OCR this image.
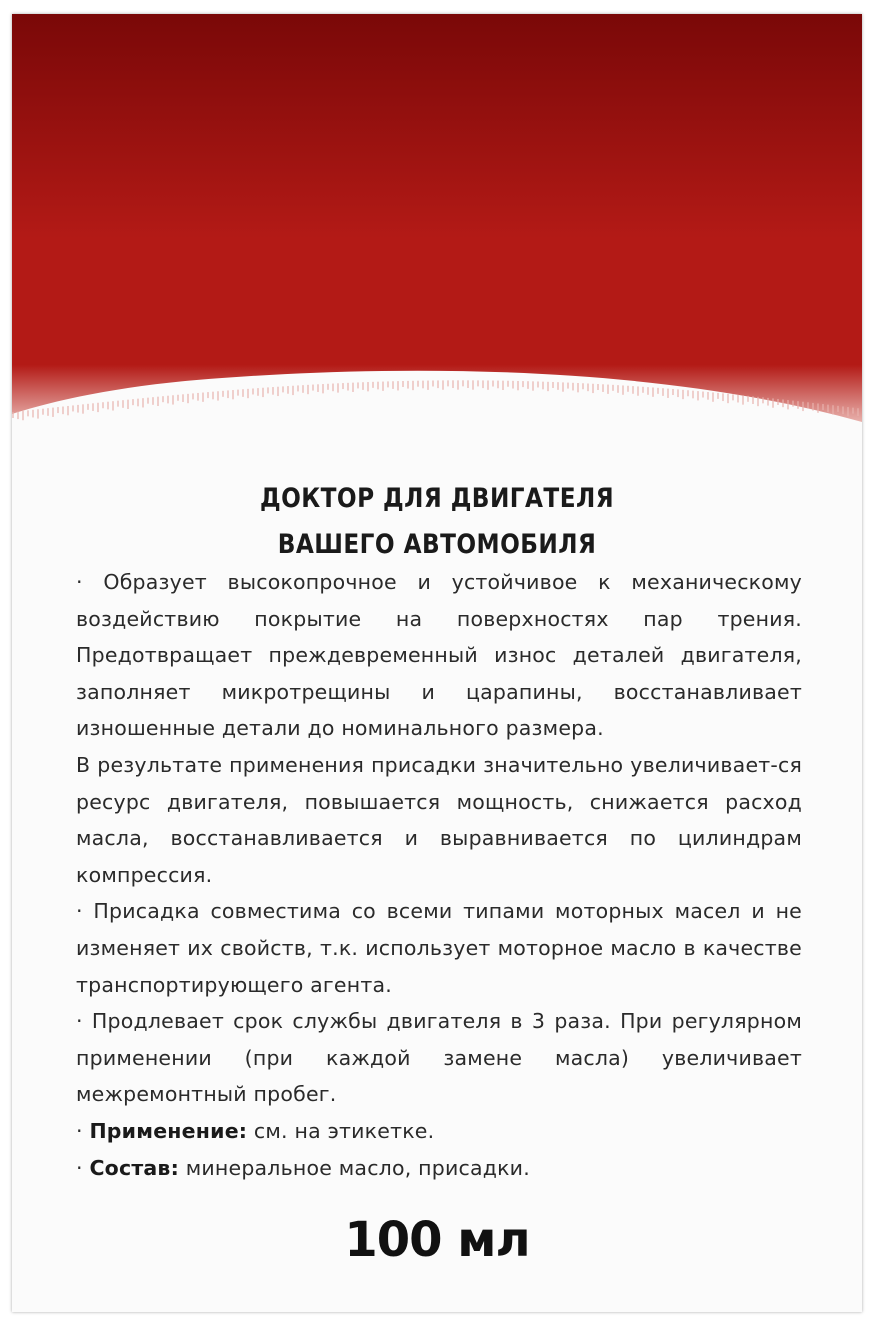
ДОКТОР ДЛЯ ДВИГАТЕЛЯ
ВАШЕГО АВТОМОБИЛЯ

· Образует высокопрочное и устойчивое к механическому воздействию покрытие на поверхностях пар трения. Предотвращает преждевременный износ деталей двигателя, заполняет микротрещины и царапины, восстанавливает изношенные детали до номинального размера.

В результате применения присадки значительно увеличивает-ся ресурс двигателя, повышается мощность, снижается расход масла, восстанавливается и выравнивается по цилиндрам компрессия.

· Присадка совместима со всеми типами моторных масел и не изменяет их свойств, т.к. использует моторное масло в качестве транспортирующего агента.

· Продлевает срок службы двигателя в 3 раза. При регулярном применении (при каждой замене масла) увеличивает межремонтный пробег.

· Применение: см. на этикетке.

· Состав: минеральное масло, присадки.

100 мл
